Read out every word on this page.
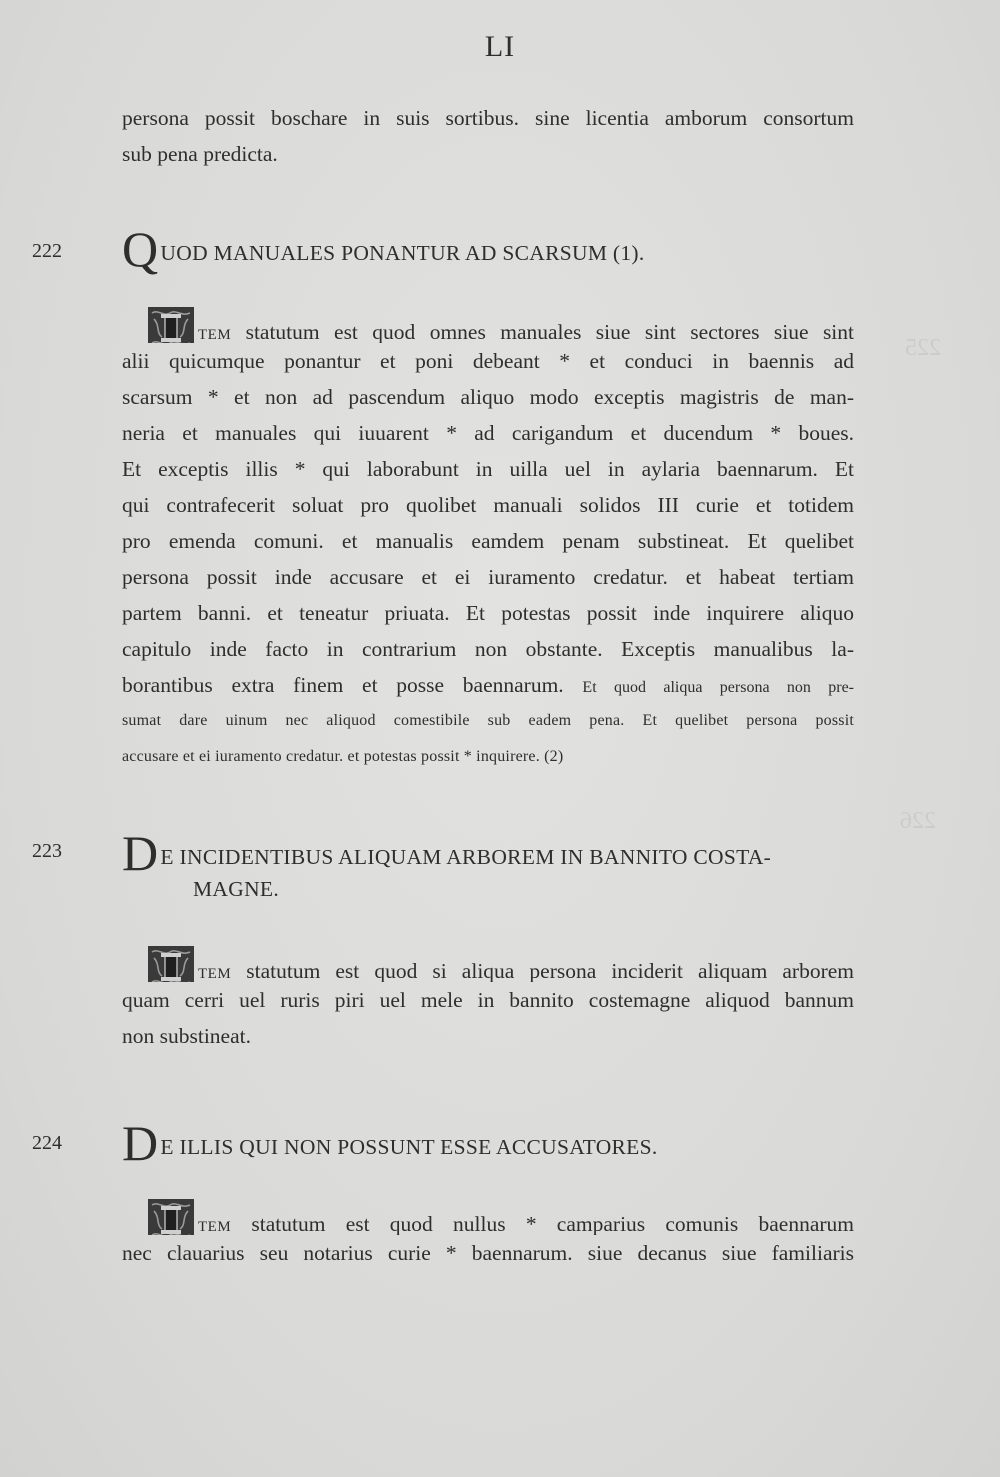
225
226
LI
persona possit boschare in suis sortibus. sine licentia amborum consortum
sub pena predicta.
222 QUOD MANUALES PONANTUR AD SCARSUM (1).
TEM statutum est quod omnes manuales siue sint sectores siue sint
alii quicumque ponantur et poni debeant * et conduci in baennis ad
scarsum * et non ad pascendum aliquo modo exceptis magistris de man-
neria et manuales qui iuuarent * ad carigandum et ducendum * boues.
Et exceptis illis * qui laborabunt in uilla uel in aylaria baennarum. Et
qui contrafecerit soluat pro quolibet manuali solidos III curie et totidem
pro emenda comuni. et manualis eamdem penam substineat. Et quelibet
persona possit inde accusare et ei iuramento credatur. et habeat tertiam
partem banni. et teneatur priuata. Et potestas possit inde inquirere aliquo
capitulo inde facto in contrarium non obstante. Exceptis manualibus la-
borantibus extra finem et posse baennarum. Et quod aliqua persona non pre-
sumat dare uinum nec aliquod comestibile sub eadem pena. Et quelibet persona possit
accusare et ei iuramento credatur. et potestas possit * inquirere. (2)
223 DE INCIDENTIBUS ALIQUAM ARBOREM IN BANNITO COSTA-
MAGNE.
TEM statutum est quod si aliqua persona inciderit aliquam arborem
quam cerri uel ruris piri uel mele in bannito costemagne aliquod bannum
non substineat.
224 DE ILLIS QUI NON POSSUNT ESSE ACCUSATORES.
TEM statutum est quod nullus * camparius comunis baennarum
nec clauarius seu notarius curie * baennarum. siue decanus siue familiaris
